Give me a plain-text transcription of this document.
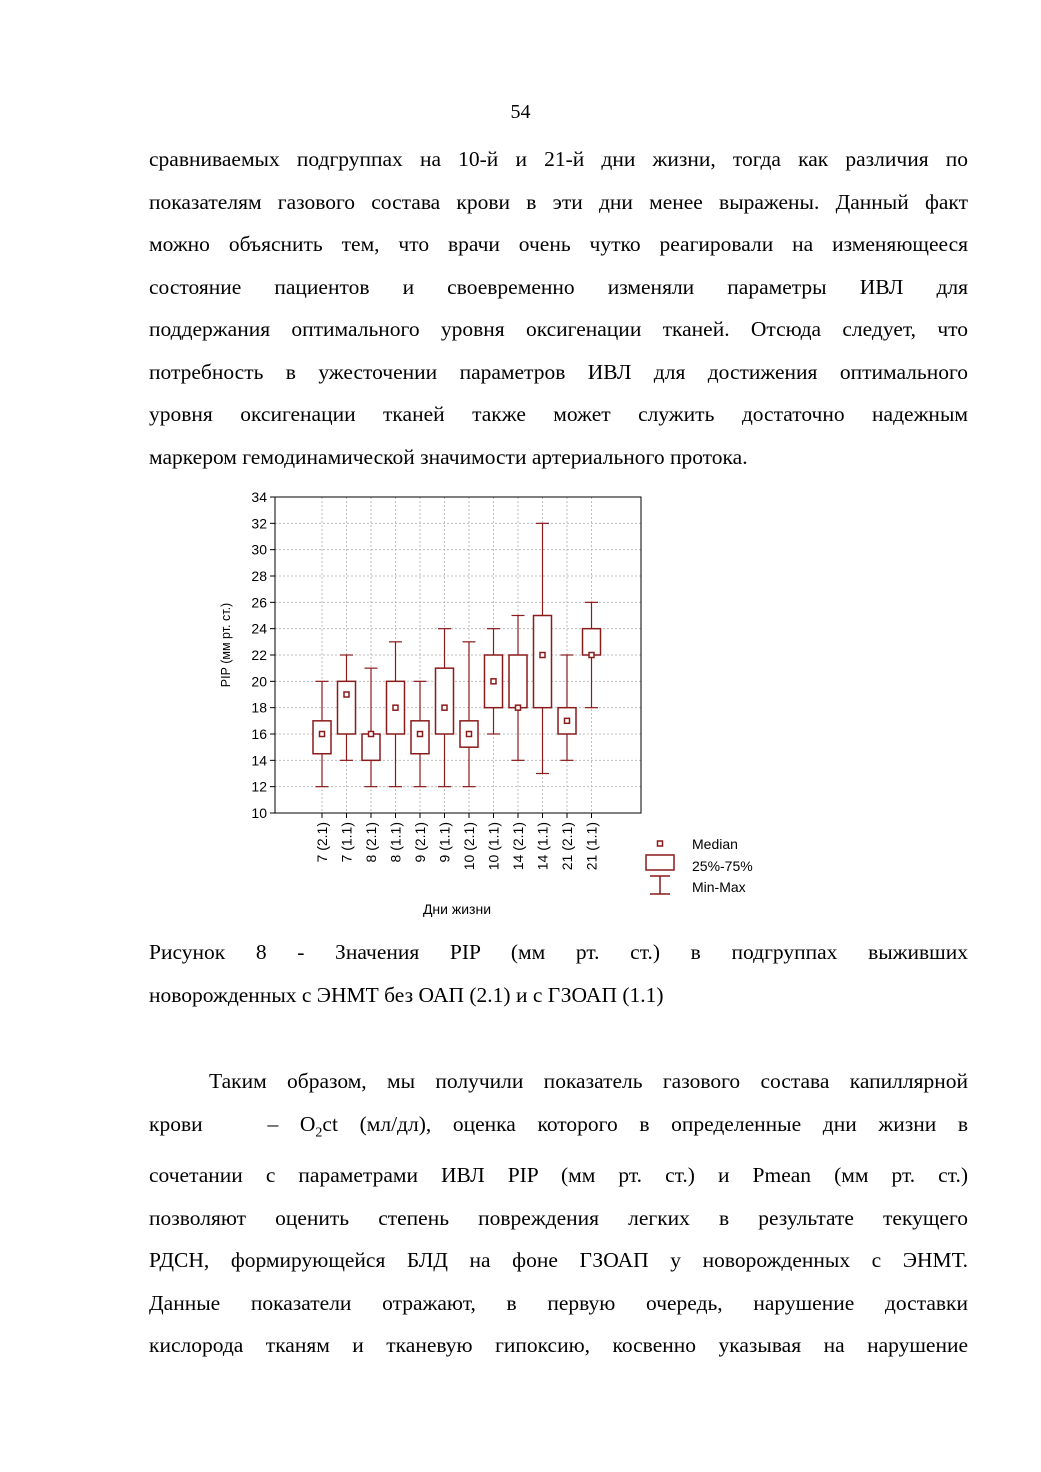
54
сравниваемых подгруппах на 10-й и 21-й дни жизни, тогда как различия по
показателям газового состава крови в эти дни менее выражены. Данный факт
можно объяснить тем, что врачи очень чутко реагировали на изменяющееся
состояние пациентов и своевременно изменяли параметры ИВЛ для
поддержания оптимального уровня оксигенации тканей. Отсюда следует, что
потребность в ужесточении параметров ИВЛ для достижения оптимального
уровня оксигенации тканей также может служить достаточно надежным
маркером гемодинамической значимости артериального протока.
10
12
14
16
18
20
22
24
26
28
30
32
34
7 (2.1) 7 (1.1) 8 (2.1) 8 (1.1) 9 (2.1) 9 (1.1) 10 (2.1) 10 (1.1) 14 (2.1) 14 (1.1) 21 (2.1) 21 (1.1)
PIP (мм рт. ст.)
Дни жизни
Median
25%-75%
Min-Max
Рисунок 8 - Значения PIP (мм рт. ст.) в подгруппах выживших
новорожденных с ЭНМТ без ОАП (2.1) и с ГЗОАП (1.1)
Таким образом, мы получили показатель газового состава капиллярной
крови   – $O_2ct$ (мл/дл), оценка которого в определенные дни жизни в
сочетании с параметрами ИВЛ PIP (мм рт. ст.) и Pmean (мм рт. ст.)
позволяют оценить степень повреждения легких в результате текущего
РДСН, формирующейся БЛД на фоне ГЗОАП у новорожденных с ЭНМТ.
Данные показатели отражают, в первую очередь, нарушение доставки
кислорода тканям и тканевую гипоксию, косвенно указывая на нарушение
